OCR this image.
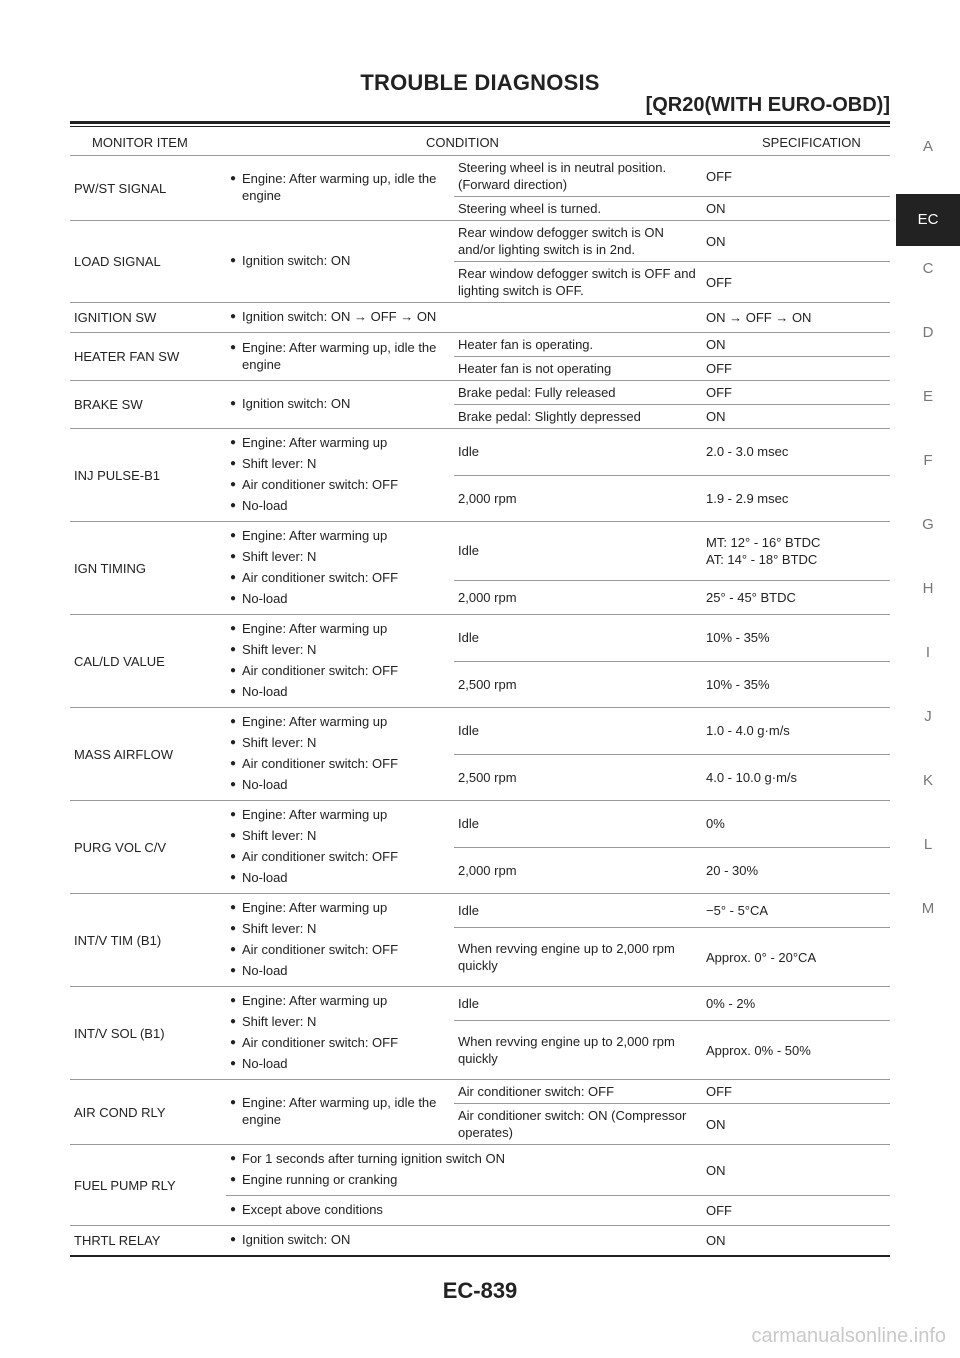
TROUBLE DIAGNOSIS
[QR20(WITH EURO-OBD)]
A
EC
C
D
E
F
G
H
I
J
K
L
M
MONITOR ITEM	CONDITION		SPECIFICATION
PW/ST SIGNAL	● Engine: After warming up, idle the engine	Steering wheel is in neutral position. (Forward direction)	OFF
		Steering wheel is turned.	ON
LOAD SIGNAL	● Ignition switch: ON	Rear window defogger switch is ON and/or lighting switch is in 2nd.	ON
		Rear window defogger switch is OFF and lighting switch is OFF.	OFF
IGNITION SW	● Ignition switch: ON → OFF → ON		ON → OFF → ON
HEATER FAN SW	● Engine: After warming up, idle the engine	Heater fan is operating.	ON
		Heater fan is not operating	OFF
BRAKE SW	● Ignition switch: ON	Brake pedal: Fully released	OFF
		Brake pedal: Slightly depressed	ON
INJ PULSE-B1	● Engine: After warming up
● Shift lever: N
● Air conditioner switch: OFF
● No-load	Idle	2.0 - 3.0 msec
		2,000 rpm	1.9 - 2.9 msec
IGN TIMING	● Engine: After warming up
● Shift lever: N
● Air conditioner switch: OFF
● No-load	Idle	MT: 12° - 16° BTDC
AT: 14° - 18° BTDC
		2,000 rpm	25° - 45° BTDC
CAL/LD VALUE	● Engine: After warming up
● Shift lever: N
● Air conditioner switch: OFF
● No-load	Idle	10% - 35%
		2,500 rpm	10% - 35%
MASS AIRFLOW	● Engine: After warming up
● Shift lever: N
● Air conditioner switch: OFF
● No-load	Idle	1.0 - 4.0 g·m/s
		2,500 rpm	4.0 - 10.0 g·m/s
PURG VOL C/V	● Engine: After warming up
● Shift lever: N
● Air conditioner switch: OFF
● No-load	Idle	0%
		2,000 rpm	20 - 30%
INT/V TIM (B1)	● Engine: After warming up
● Shift lever: N
● Air conditioner switch: OFF
● No-load	Idle	−5° - 5°CA
		When revving engine up to 2,000 rpm quickly	Approx. 0° - 20°CA
INT/V SOL (B1)	● Engine: After warming up
● Shift lever: N
● Air conditioner switch: OFF
● No-load	Idle	0% - 2%
		When revving engine up to 2,000 rpm quickly	Approx. 0% - 50%
AIR COND RLY	● Engine: After warming up, idle the engine	Air conditioner switch: OFF	OFF
		Air conditioner switch: ON (Compressor operates)	ON
FUEL PUMP RLY	● For 1 seconds after turning ignition switch ON
● Engine running or cranking		ON

	● Except above conditions		OFF
THRTL RELAY	● Ignition switch: ON		ON
EC-839
carmanualsonline.info
